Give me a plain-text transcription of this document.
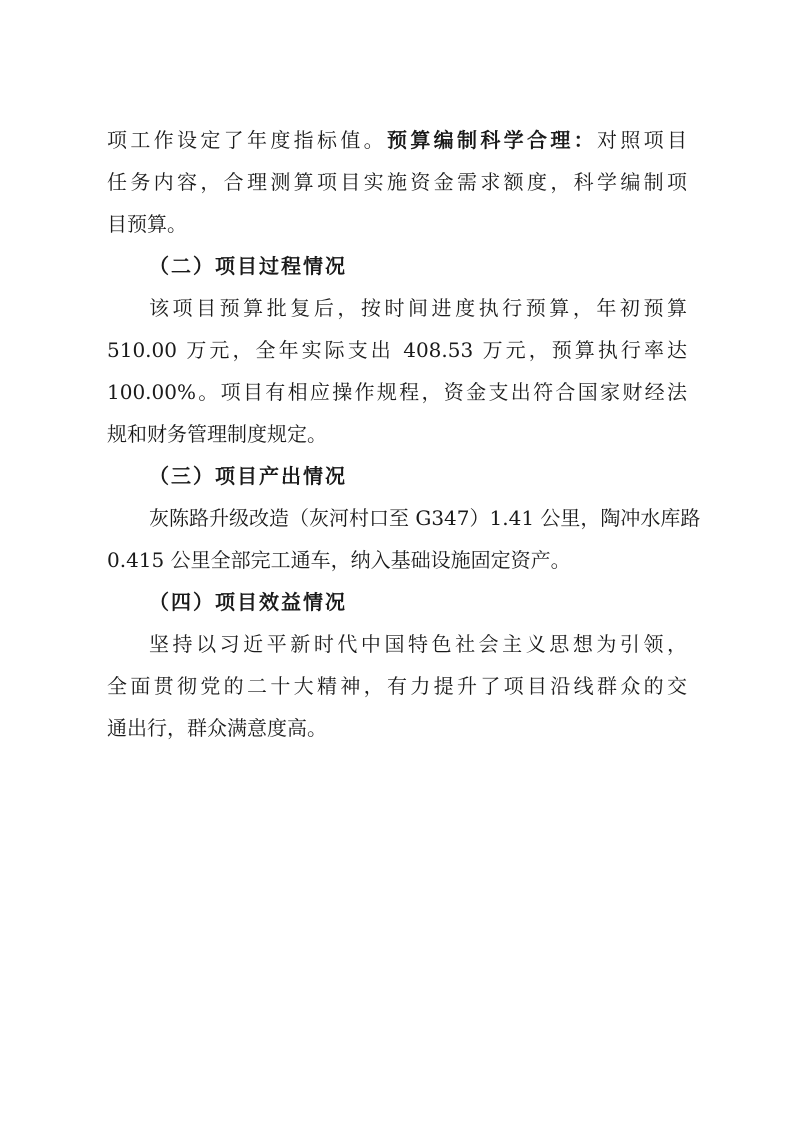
项工作设定了年度指标值。预算编制科学合理：对照项目
任务内容，合理测算项目实施资金需求额度，科学编制项
目预算。
（二）项目过程情况
该项目预算批复后，按时间进度执行预算，年初预算
510.00 万元，全年实际支出 408.53 万元，预算执行率达
100.00%。项目有相应操作规程，资金支出符合国家财经法
规和财务管理制度规定。
（三）项目产出情况
灰陈路升级改造（灰河村口至 G347）1.41 公里，陶冲水库路
0.415 公里全部完工通车，纳入基础设施固定资产。
（四）项目效益情况
坚持以习近平新时代中国特色社会主义思想为引领，
全面贯彻党的二十大精神，有力提升了项目沿线群众的交
通出行，群众满意度高。
